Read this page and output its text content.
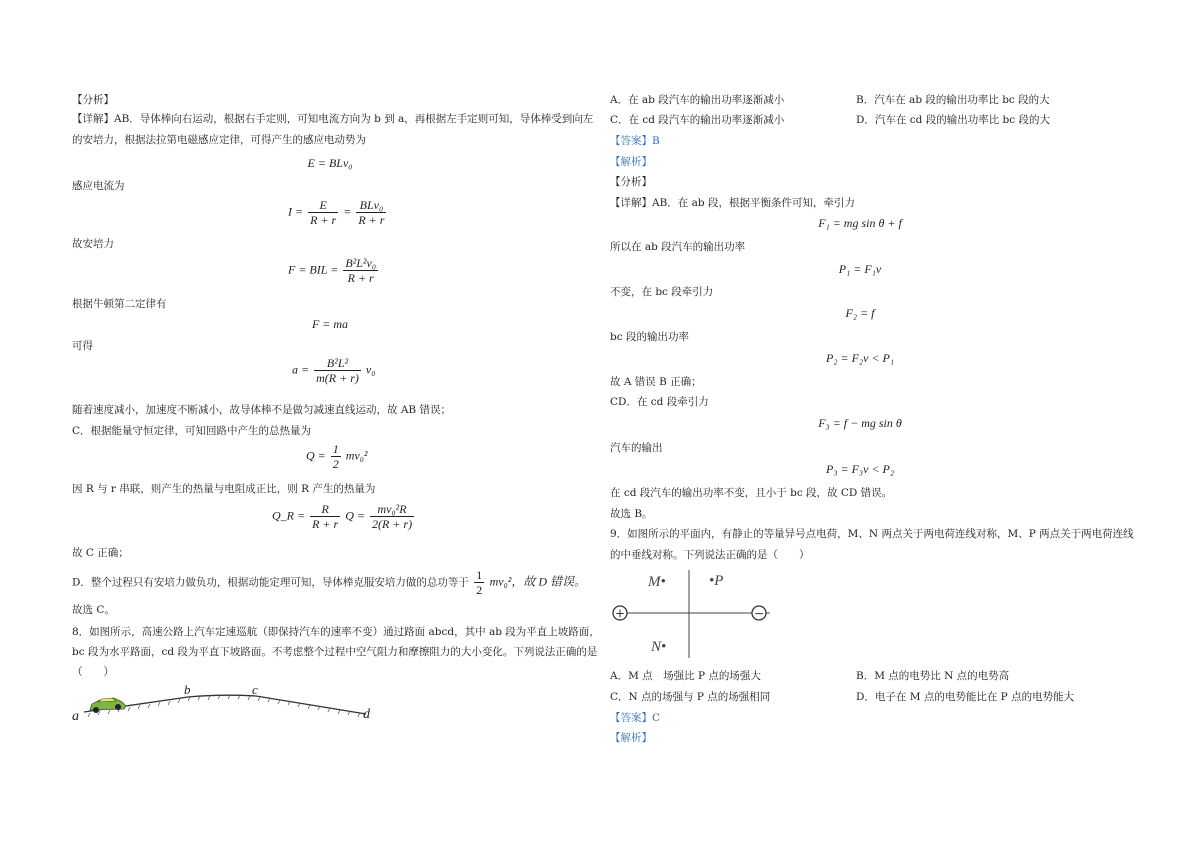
【分析】
【详解】AB．导体棒向右运动，根据右手定则，可知电流方向为 b 到 a，再根据左手定则可知，导体棒受到向左
的安培力，根据法拉第电磁感应定律，可得产生的感应电动势为
E = BLv₀
感应电流为
$I = \frac{E}{R + r} = \frac{\text{BLv₀}}{R + r}$
故安培力
F = BIL = $\frac{\text{B²L²v₀}}{R + r}$
根据牛顿第二定律有
F = ma
可得
$a = \frac{\text{B²L²}}{m(R + r)} v_0$
随着速度减小，加速度不断减小，故导体棒不是做匀减速直线运动，故 AB 错误；
C．根据能量守恒定律，可知回路中产生的总热量为
$Q = \frac{1}{2} mv_0^2$
因 R 与 r 串联，则产生的热量与电阻成正比，则 R 产生的热量为
Q_R = $\frac{R}{R + r}$ $Q = \frac{\text{mv₀²R}}{2(R + r)}$
故 C 正确；
D．整个过程只有安培力做负功，根据动能定理可知，导体棒克服安培力做的总功等于 $\frac{1}{2} mv_0^2$，故 D 错误。
故选 C。
8．如图所示，高速公路上汽车定速巡航（即保持汽车的速率不变）通过路面 abcd，其中 ab 段为平直上坡路面，
bc 段为水平路面，cd 段为平直下坡路面。不考虑整个过程中空气阻力和摩擦阻力的大小变化。下列说法正确的是
（　　）
a
b	c
d
A．在 ab 段汽车的输出功率逐渐减小	B．汽车在 ab 段的输出功率比 bc 段的大
C．在 cd 段汽车的输出功率逐渐减小	D．汽车在 cd 段的输出功率比 bc 段的大
【答案】B
【解析】
【分析】
【详解】AB．在 ab 段，根据平衡条件可知，牵引力
F₁ = mg sin θ + f
所以在 ab 段汽车的输出功率
P₁ = F₁v
不变，在 bc 段牵引力
F₂ = f
bc 段的输出功率
P₂ = F₂v < P₁
故 A 错误 B 正确；
CD．在 cd 段牵引力
F₃ = f − mg sin θ
汽车的输出
P₃ = F₃v < P₂
在 cd 段汽车的输出功率不变，且小于 bc 段，故 CD 错误。
故选 B。
9．如图所示的平面内，有静止的等量异号点电荷，M、N 两点关于两电荷连线对称，M、P 两点关于两电荷连线
的中垂线对称。下列说法正确的是（　　）
+	−
M•	•P
N•
A．M 点　场强比 P 点的场强大	B．M 点的电势比 N 点的电势高
C．N 点的场强与 P 点的场强相同	D．电子在 M 点的电势能比在 P 点的电势能大
【答案】C
【解析】
